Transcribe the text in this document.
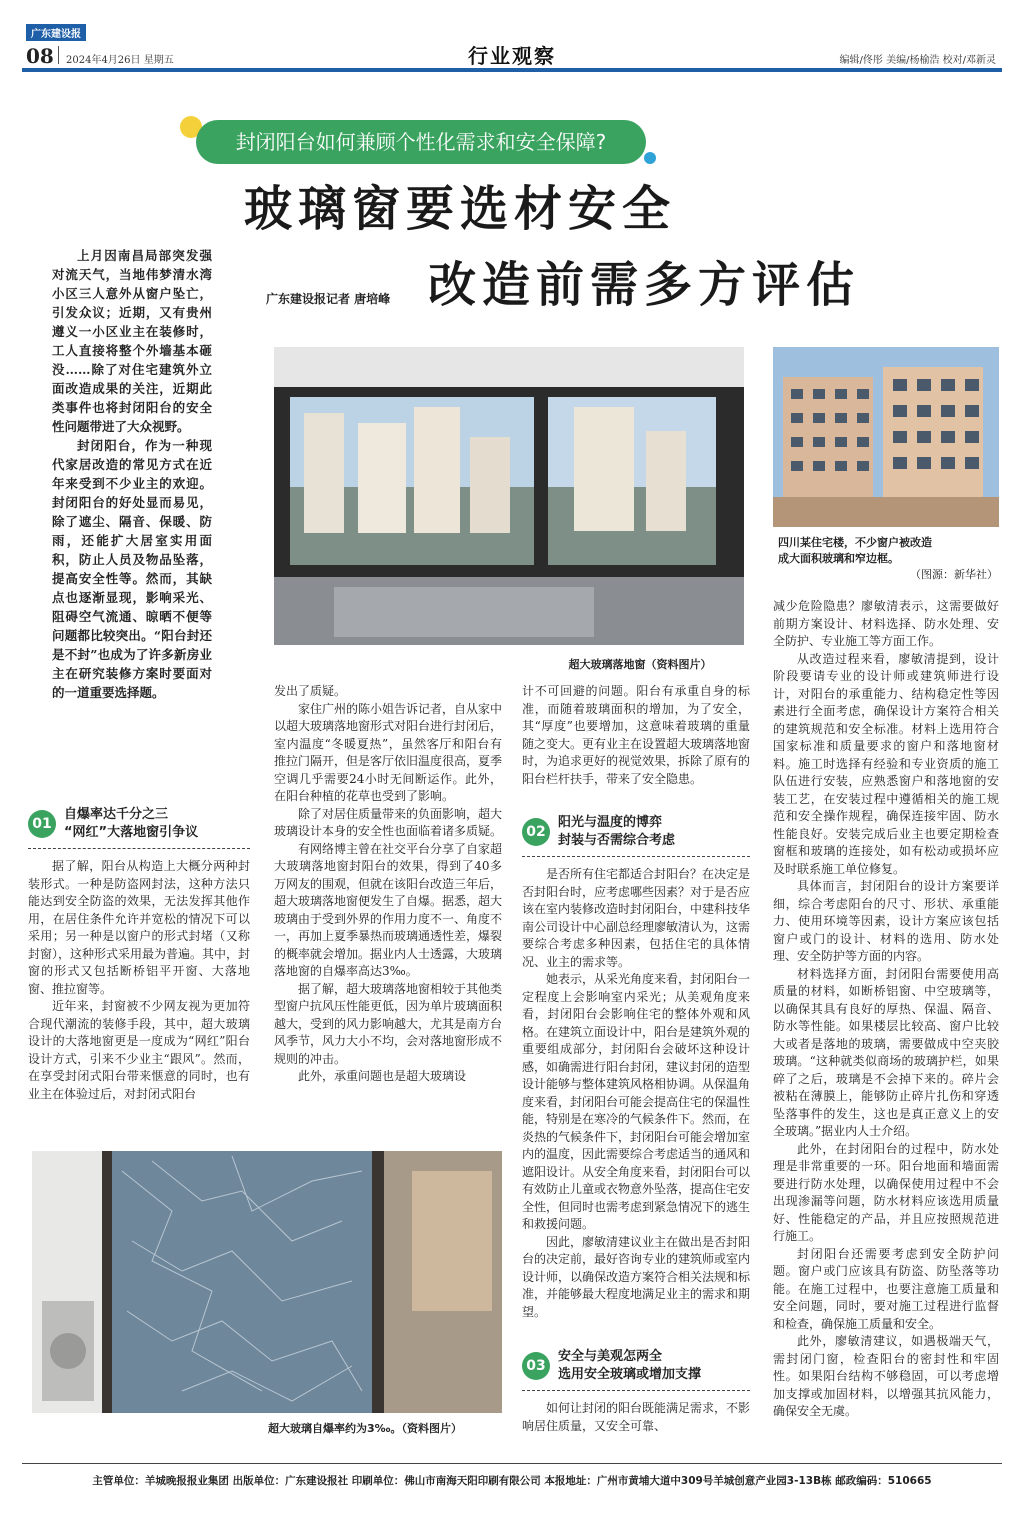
广东建设报
08 2024年4月26日 星期五	行业观察	编辑/佟彤 美编/杨榆浩 校对/邓新灵
封闭阳台如何兼顾个性化需求和安全保障?
玻璃窗要选材安全
改造前需多方评估
广东建设报记者 唐培峰

上月因南昌局部突发强对流天气，当地伟梦清水湾小区三人意外从窗户坠亡，引发众议；近期，又有贵州遵义一小区业主在装修时，工人直接将整个外墙基本砸没……除了对住宅建筑外立面改造成果的关注，近期此类事件也将封闭阳台的安全性问题带进了大众视野。

封闭阳台，作为一种现代家居改造的常见方式在近年来受到不少业主的欢迎。封闭阳台的好处显而易见，除了遮尘、隔音、保暖、防雨，还能扩大居室实用面积，防止人员及物品坠落，提高安全性等。然而，其缺点也逐渐显现，影响采光、阻碍空气流通、晾晒不便等问题都比较突出。“阳台封还是不封”也成为了许多新房业主在研究装修方案时要面对的一道重要选择题。

超大玻璃落地窗（资料图片）
四川某住宅楼，不少窗户被改造
成大面积玻璃和窄边框。
（图源：新华社）
01
自爆率达千分之三
“网红”大落地窗引争议

据了解，阳台从构造上大概分两种封装形式。一种是防盗网封法，这种方法只能达到安全防盗的效果，无法发挥其他作用，在居住条件允许并宽松的情况下可以采用；另一种是以窗户的形式封堵（又称封窗），这种形式采用最为普遍。其中，封窗的形式又包括断桥铝平开窗、大落地窗、推拉窗等。

近年来，封窗被不少网友视为更加符合现代潮流的装修手段，其中，超大玻璃设计的大落地窗更是一度成为“网红”阳台设计方式，引来不少业主“跟风”。然而，在享受封闭式阳台带来惬意的同时，也有业主在体验过后，对封闭式阳台

发出了质疑。

家住广州的陈小姐告诉记者，自从家中以超大玻璃落地窗形式对阳台进行封闭后，室内温度“冬暖夏热”，虽然客厅和阳台有推拉门隔开，但是客厅依旧温度很高，夏季空调几乎需要24小时无间断运作。此外，在阳台种植的花草也受到了影响。

除了对居住质量带来的负面影响，超大玻璃设计本身的安全性也面临着诸多质疑。

有网络博主曾在社交平台分享了自家超大玻璃落地窗封阳台的效果，得到了40多万网友的围观，但就在该阳台改造三年后，超大玻璃落地窗便发生了自爆。据悉，超大玻璃由于受到外界的作用力度不一、角度不一，再加上夏季暴热而玻璃通透性差，爆裂的概率就会增加。据业内人士透露，大玻璃落地窗的自爆率高达3‰。

据了解，超大玻璃落地窗相较于其他类型窗户抗风压性能更低，因为单片玻璃面积越大，受到的风力影响越大，尤其是南方台风季节，风力大小不均，会对落地窗形成不规则的冲击。

此外，承重问题也是超大玻璃设

计不可回避的问题。阳台有承重自身的标准，而随着玻璃面积的增加，为了安全，其“厚度”也要增加，这意味着玻璃的重量随之变大。更有业主在设置超大玻璃落地窗时，为追求更好的视觉效果，拆除了原有的阳台栏杆扶手，带来了安全隐患。

02
阳光与温度的博弈
封装与否需综合考虑

是否所有住宅都适合封阳台？在决定是否封阳台时，应考虑哪些因素？对于是否应该在室内装修改造时封闭阳台，中建科技华南公司设计中心副总经理廖敏清认为，这需要综合考虑多种因素，包括住宅的具体情况、业主的需求等。

她表示，从采光角度来看，封闭阳台一定程度上会影响室内采光；从美观角度来看，封闭阳台会影响住宅的整体外观和风格。在建筑立面设计中，阳台是建筑外观的重要组成部分，封闭阳台会破坏这种设计感，如确需进行阳台封闭，建议封闭的造型设计能够与整体建筑风格相协调。从保温角度来看，封闭阳台可能会提高住宅的保温性能，特别是在寒冷的气候条件下。然而，在炎热的气候条件下，封闭阳台可能会增加室内的温度，因此需要综合考虑适当的通风和遮阳设计。从安全角度来看，封闭阳台可以有效防止儿童或衣物意外坠落，提高住宅安全性，但同时也需考虑到紧急情况下的逃生和救援问题。

因此，廖敏清建议业主在做出是否封阳台的决定前，最好咨询专业的建筑师或室内设计师，以确保改造方案符合相关法规和标准，并能够最大程度地满足业主的需求和期望。

03
安全与美观怎两全
选用安全玻璃或增加支撑

如何让封闭的阳台既能满足需求，不影响居住质量，又安全可靠、

减少危险隐患？廖敏清表示，这需要做好前期方案设计、材料选择、防水处理、安全防护、专业施工等方面工作。

从改造过程来看，廖敏清提到，设计阶段要请专业的设计师或建筑师进行设计，对阳台的承重能力、结构稳定性等因素进行全面考虑，确保设计方案符合相关的建筑规范和安全标准。材料上选用符合国家标准和质量要求的窗户和落地窗材料。施工时选择有经验和专业资质的施工队伍进行安装，应熟悉窗户和落地窗的安装工艺，在安装过程中遵循相关的施工规范和安全操作规程，确保连接牢固、防水性能良好。安装完成后业主也要定期检查窗框和玻璃的连接处，如有松动或损坏应及时联系施工单位修复。

具体而言，封闭阳台的设计方案要详细，综合考虑阳台的尺寸、形状、承重能力、使用环境等因素，设计方案应该包括窗户或门的设计、材料的选用、防水处理、安全防护等方面的内容。

材料选择方面，封闭阳台需要使用高质量的材料，如断桥铝窗、中空玻璃等，以确保其具有良好的厚热、保温、隔音、防水等性能。如果楼层比较高、窗户比较大或者是落地的玻璃，需要做成中空夹胶玻璃。“这种就类似商场的玻璃护栏，如果碎了之后，玻璃是不会掉下来的。碎片会被粘在薄膜上，能够防止碎片扎伤和穿透坠落事件的发生，这也是真正意义上的安全玻璃。”据业内人士介绍。

此外，在封闭阳台的过程中，防水处理是非常重要的一环。阳台地面和墙面需要进行防水处理，以确保使用过程中不会出现渗漏等问题，防水材料应该选用质量好、性能稳定的产品，并且应按照规范进行施工。

封闭阳台还需要考虑到安全防护问题。窗户或门应该具有防盗、防坠落等功能。在施工过程中，也要注意施工质量和安全问题，同时，要对施工过程进行监督和检查，确保施工质量和安全。

此外，廖敏清建议，如遇极端天气，需封闭门窗，检查阳台的密封性和牢固性。如果阳台结构不够稳固，可以考虑增加支撑或加固材料，以增强其抗风能力，确保安全无虞。

超大玻璃自爆率约为3‰。（资料图片）
主管单位：羊城晚报报业集团 出版单位：广东建设报社 印刷单位：佛山市南海天阳印刷有限公司 本报地址：广州市黄埔大道中309号羊城创意产业园3-13B栋 邮政编码：510665
